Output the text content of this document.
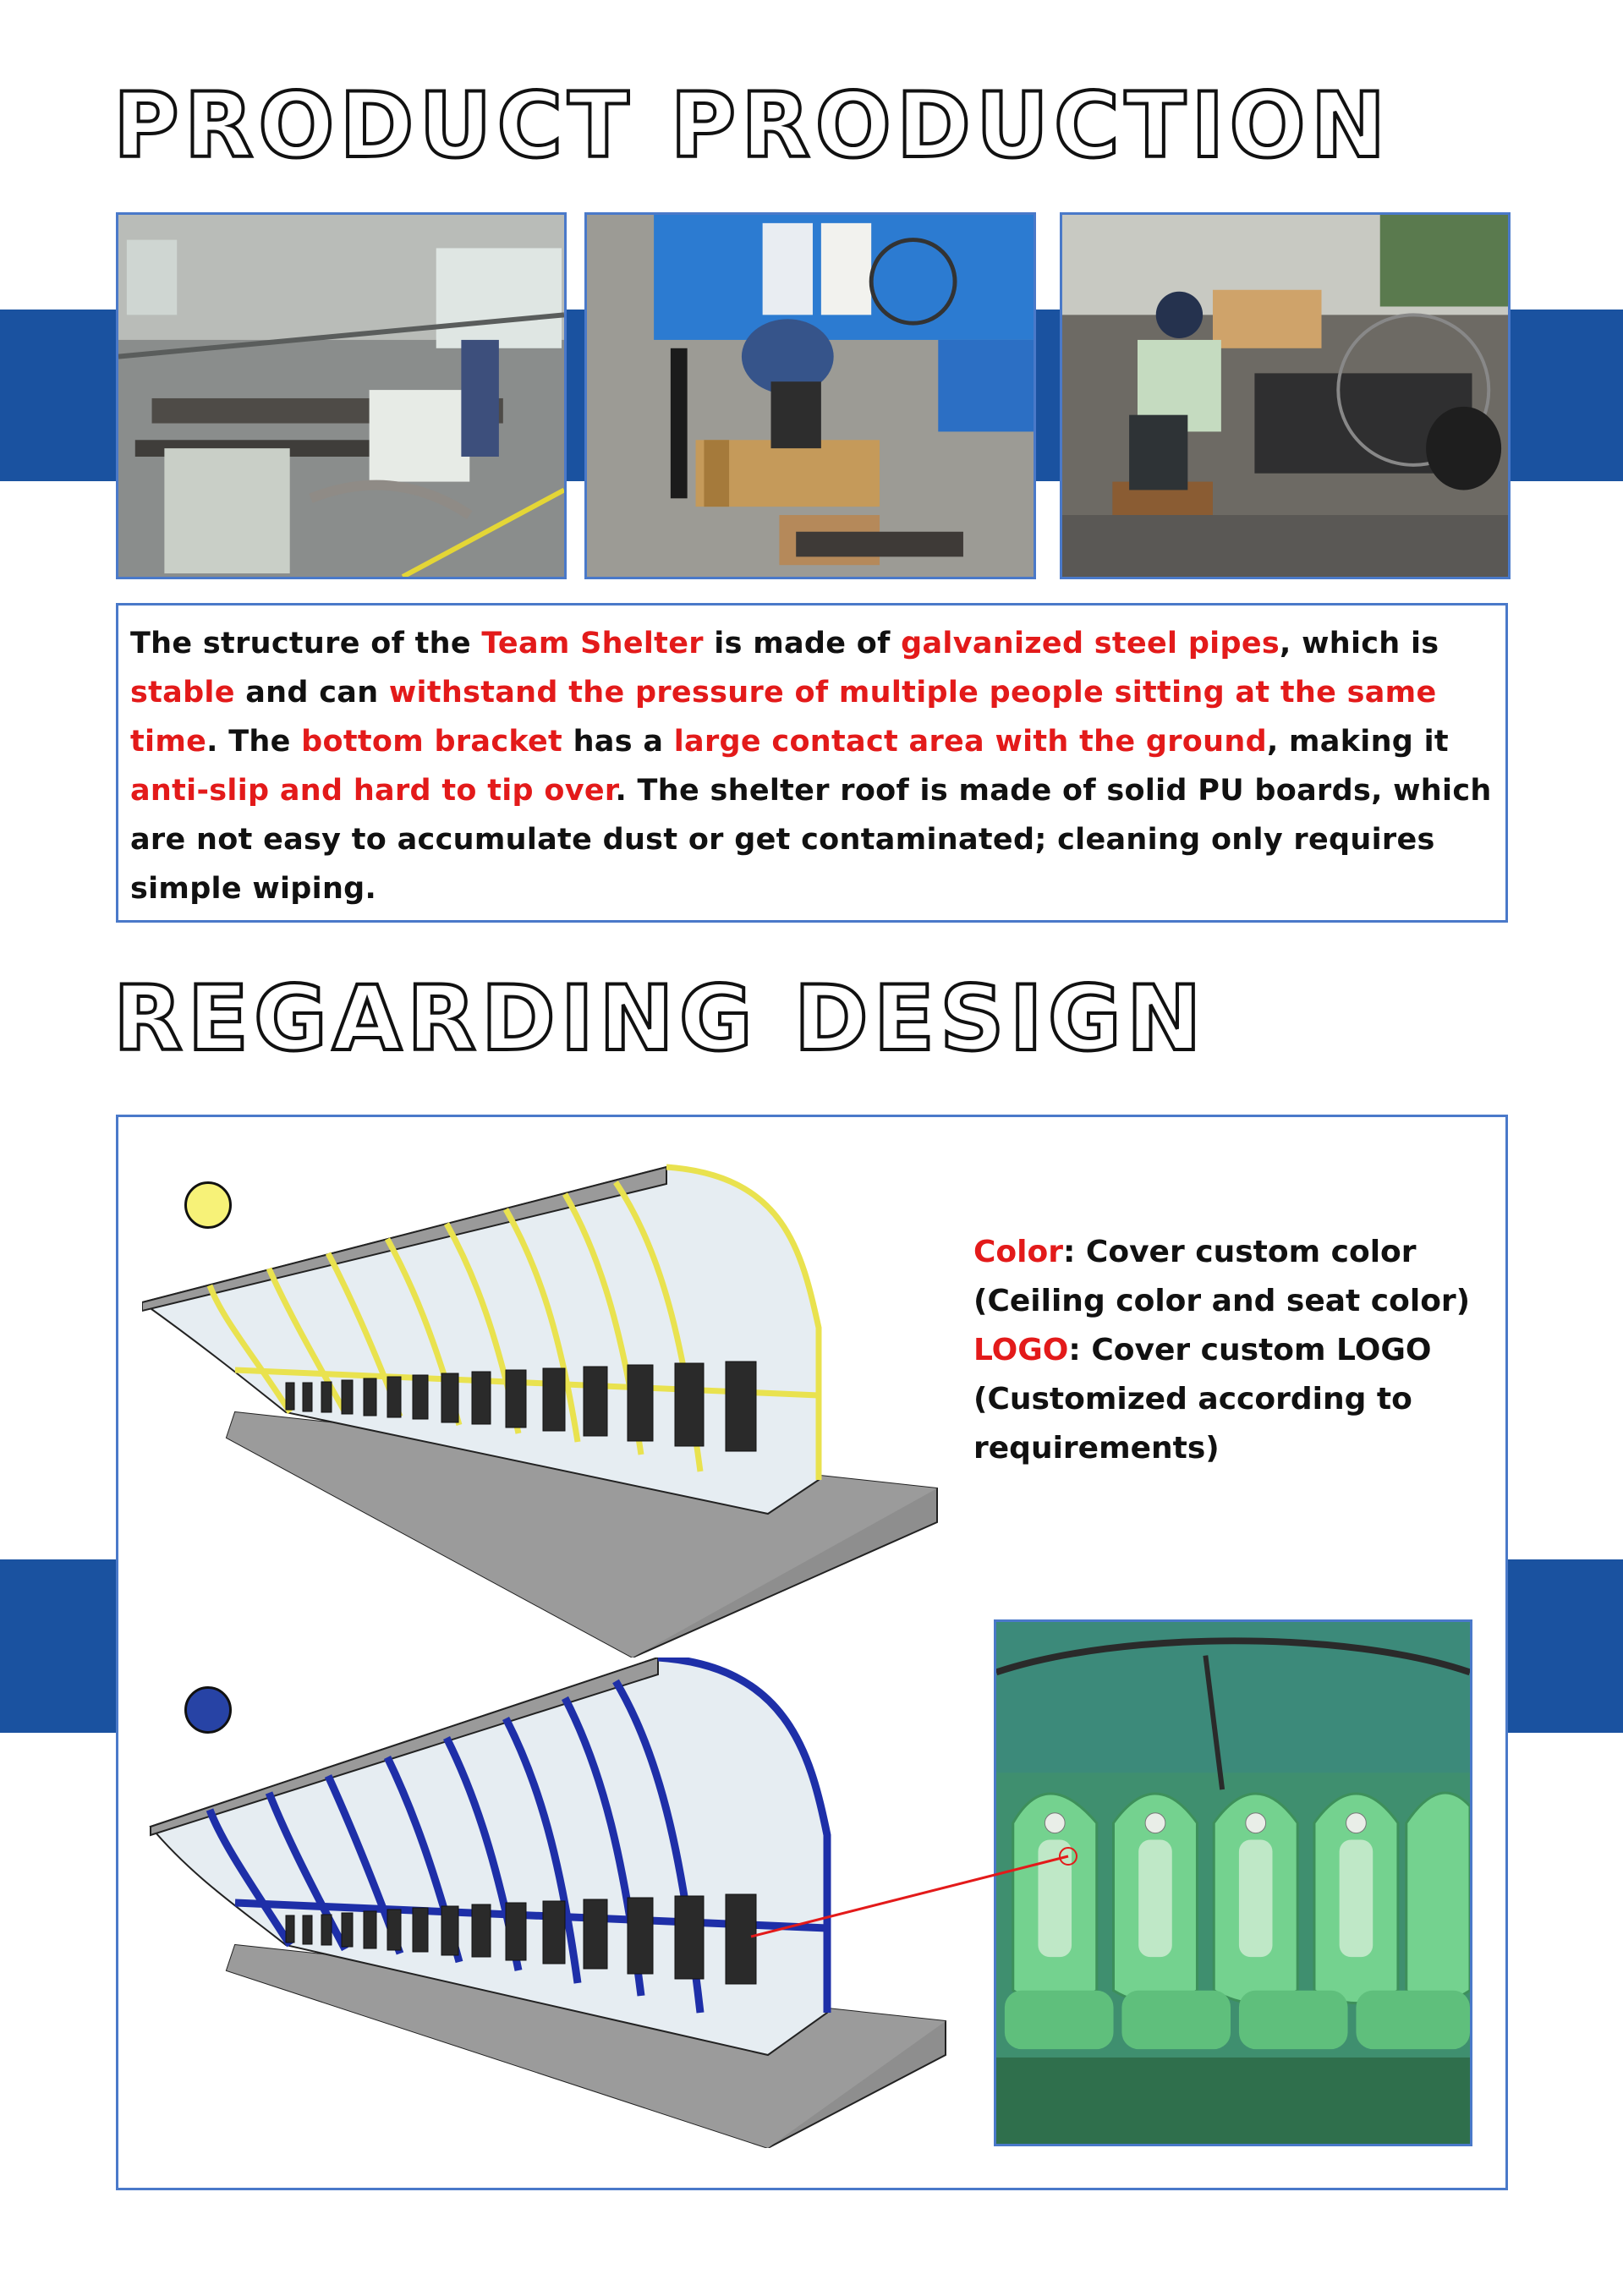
PRODUCT PRODUCTION

The structure of the Team Shelter is made of galvanized steel pipes, which is stable and can withstand the pressure of multiple people sitting at the same time. The bottom bracket has a large contact area with the ground, making it anti-slip and hard to tip over. The shelter roof is made of solid PU boards, which are not easy to accumulate dust or get contaminated; cleaning only requires simple wiping.

REGARDING DESIGN
Color: Cover custom color
(Ceiling color and seat color)
LOGO: Cover custom LOGO
(Customized according to
requirements)
